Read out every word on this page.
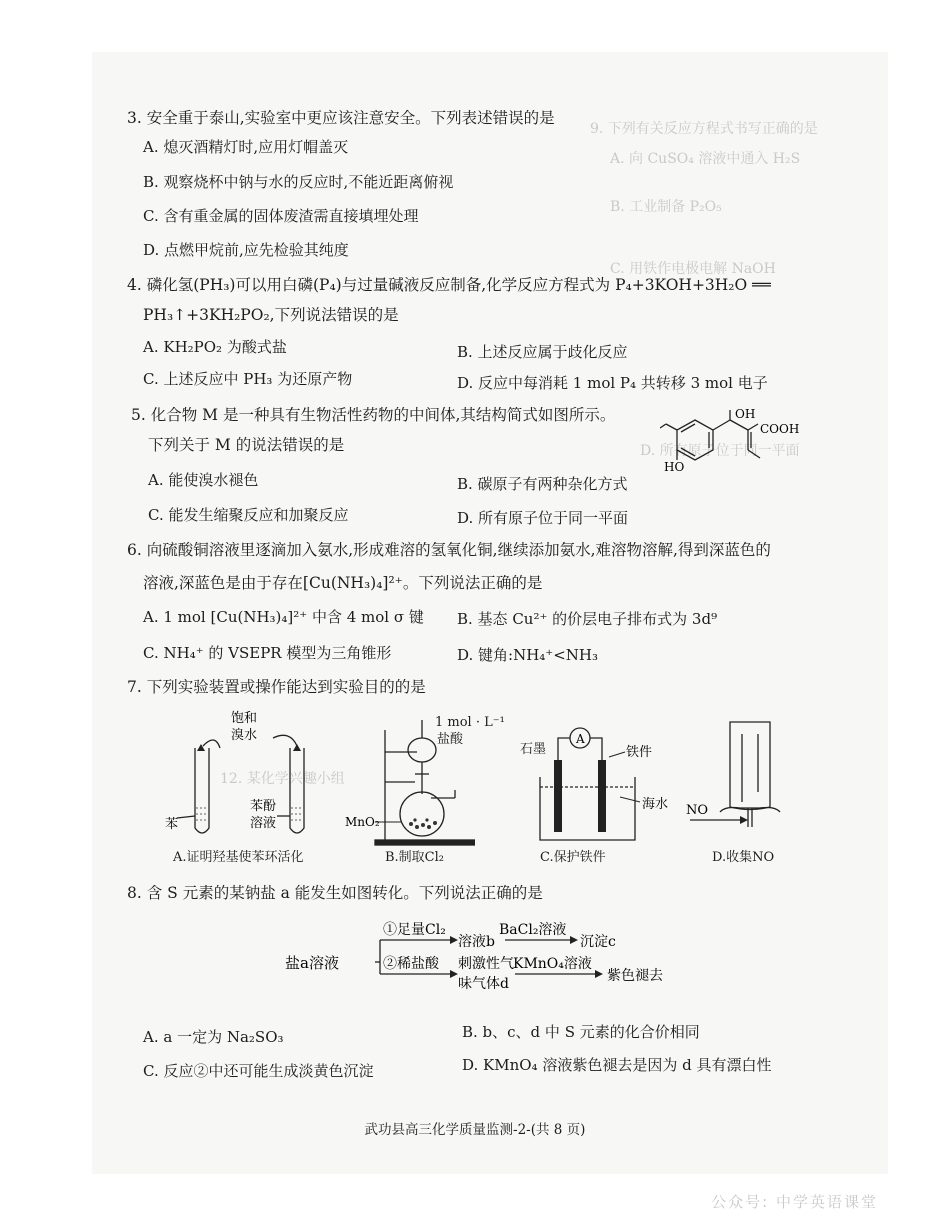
9. 下列有关反应方程式书写正确的是
A. 向 CuSO₄ 溶液中通入 H₂S
B. 工业制备 P₂O₅
C. 用铁作电极电解 NaOH
D. 所有原子位于同一平面
12. 某化学兴趣小组
3. 安全重于泰山,实验室中更应该注意安全。下列表述错误的是
A. 熄灭酒精灯时,应用灯帽盖灭
B. 观察烧杯中钠与水的反应时,不能近距离俯视
C. 含有重金属的固体废渣需直接填埋处理
D. 点燃甲烷前,应先检验其纯度
4. 磷化氢(PH₃)可以用白磷(P₄)与过量碱液反应制备,化学反应方程式为 P₄+3KOH+3H₂O ══
PH₃↑+3KH₂PO₂,下列说法错误的是
A. KH₂PO₂ 为酸式盐	B. 上述反应属于歧化反应
C. 上述反应中 PH₃ 为还原产物	D. 反应中每消耗 1 mol P₄ 共转移 3 mol 电子
5. 化合物 M 是一种具有生物活性药物的中间体,其结构简式如图所示。
下列关于 M 的说法错误的是
A. 能使溴水褪色	B. 碳原子有两种杂化方式
C. 能发生缩聚反应和加聚反应	D. 所有原子位于同一平面
OH
COOH
HO
6. 向硫酸铜溶液里逐滴加入氨水,形成难溶的氢氧化铜,继续添加氨水,难溶物溶解,得到深蓝色的
溶液,深蓝色是由于存在[Cu(NH₃)₄]²⁺。下列说法正确的是
A. 1 mol [Cu(NH₃)₄]²⁺ 中含 4 mol σ 键 B. 基态 Cu²⁺ 的价层电子排布式为 3d⁹
C. NH₄⁺ 的 VSEPR 模型为三角锥形	D. 键角:NH₄⁺<NH₃
7. 下列实验装置或操作能达到实验目的的是
饱和
溴水
苯
苯酚
溶液
A.证明羟基使苯环活化
MnO₂
1 mol · L⁻¹
盐酸
B.制取Cl₂
A
铁件
海水
石墨
C.保护铁件
NO
D.收集NO
8. 含 S 元素的某钠盐 a 能发生如图转化。下列说法正确的是
盐a溶液
①足量Cl₂
溶液b
BaCl₂溶液
沉淀c
②稀盐酸 刺激性气
味气体d
KMnO₄溶液
紫色褪去
A. a 一定为 Na₂SO₃	B. b、c、d 中 S 元素的化合价相同
C. 反应②中还可能生成淡黄色沉淀	D. KMnO₄ 溶液紫色褪去是因为 d 具有漂白性
武功县高三化学质量监测-2-(共 8 页)
公众号: 中学英语课堂
